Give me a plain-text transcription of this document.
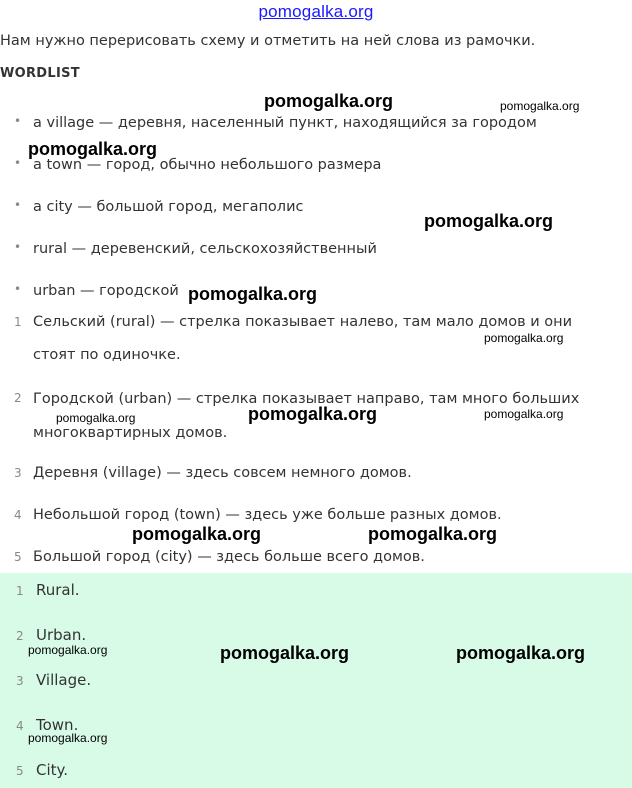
pomogalka.org
Нам нужно перерисовать схему и отметить на ней слова из рамочки.
WORDLIST
• a village — деревня, населенный пункт, находящийся за городом
• a town — город, обычно небольшого размера
• a city — большой город, мегаполис
• rural — деревенский, сельскохозяйственный
• urban — городской
1 Сельский (rural) — стрелка показывает налево, там мало домов и они стоят по одиночке.
2 Городской (urban) — стрелка показывает направо, там много больших многоквартирных домов.
3 Деревня (village) — здесь совсем немного домов.
4 Небольшой город (town) — здесь уже больше разных домов.
5 Большой город (city) — здесь больше всего домов.
1 Rural.
2 Urban.
3 Village.
4 Town.
5 City.
pomogalka.org	pomogalka.org
pomogalka.org
pomogalka.org
pomogalka.org
pomogalka.org
pomogalka.org	pomogalka.org	pomogalka.org
pomogalka.org	pomogalka.org
pomogalka.org	pomogalka.org	pomogalka.org
pomogalka.org
